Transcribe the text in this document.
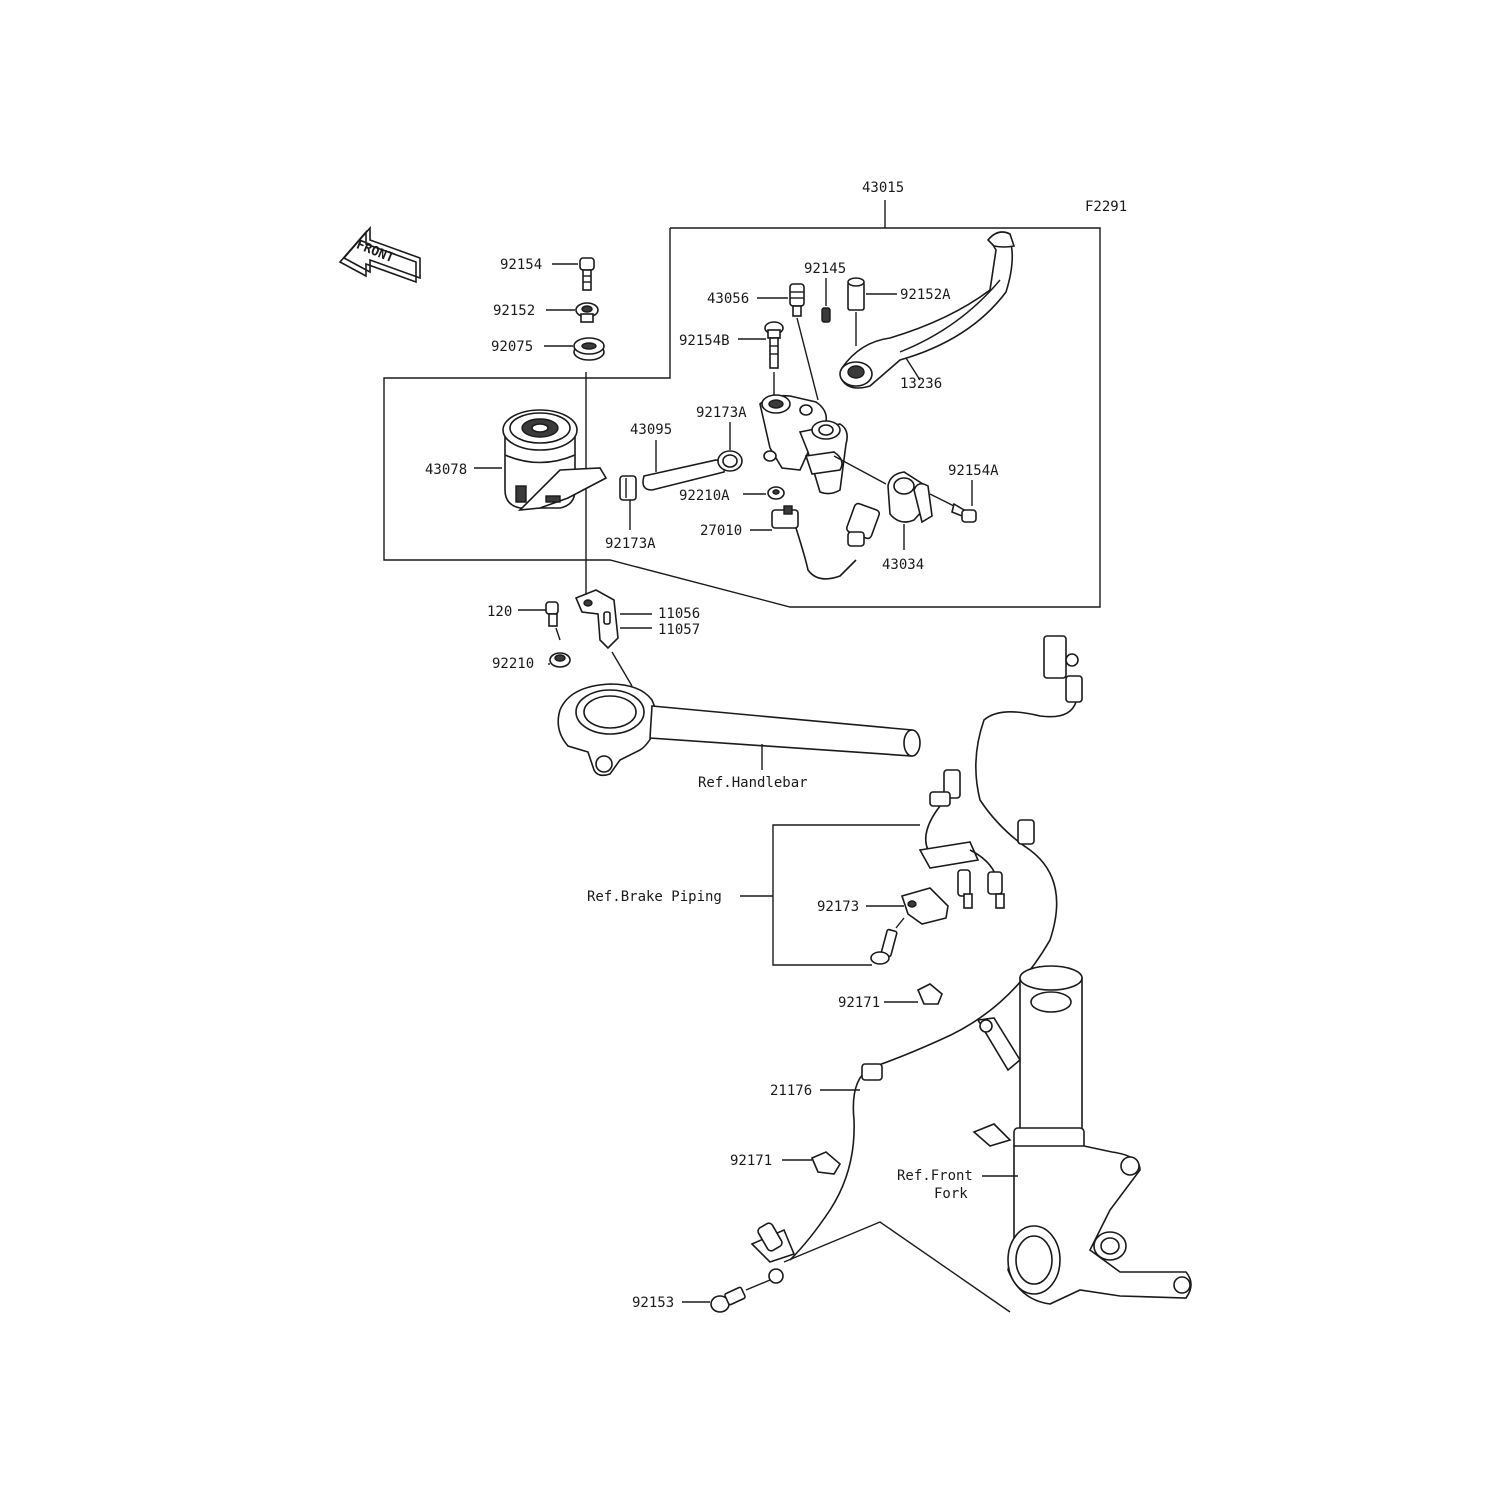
F2291
FRONT
43015
92154
92152
92075
43078
92173A
43095
92173A
92210A
92154B
43056
92145
92152A
13236
43034
92154A
27010
11056
11057
120
92210
Ref.Handlebar
Ref.Brake Piping
92173
92171
21176
92171
92153
Ref.Front
Fork
